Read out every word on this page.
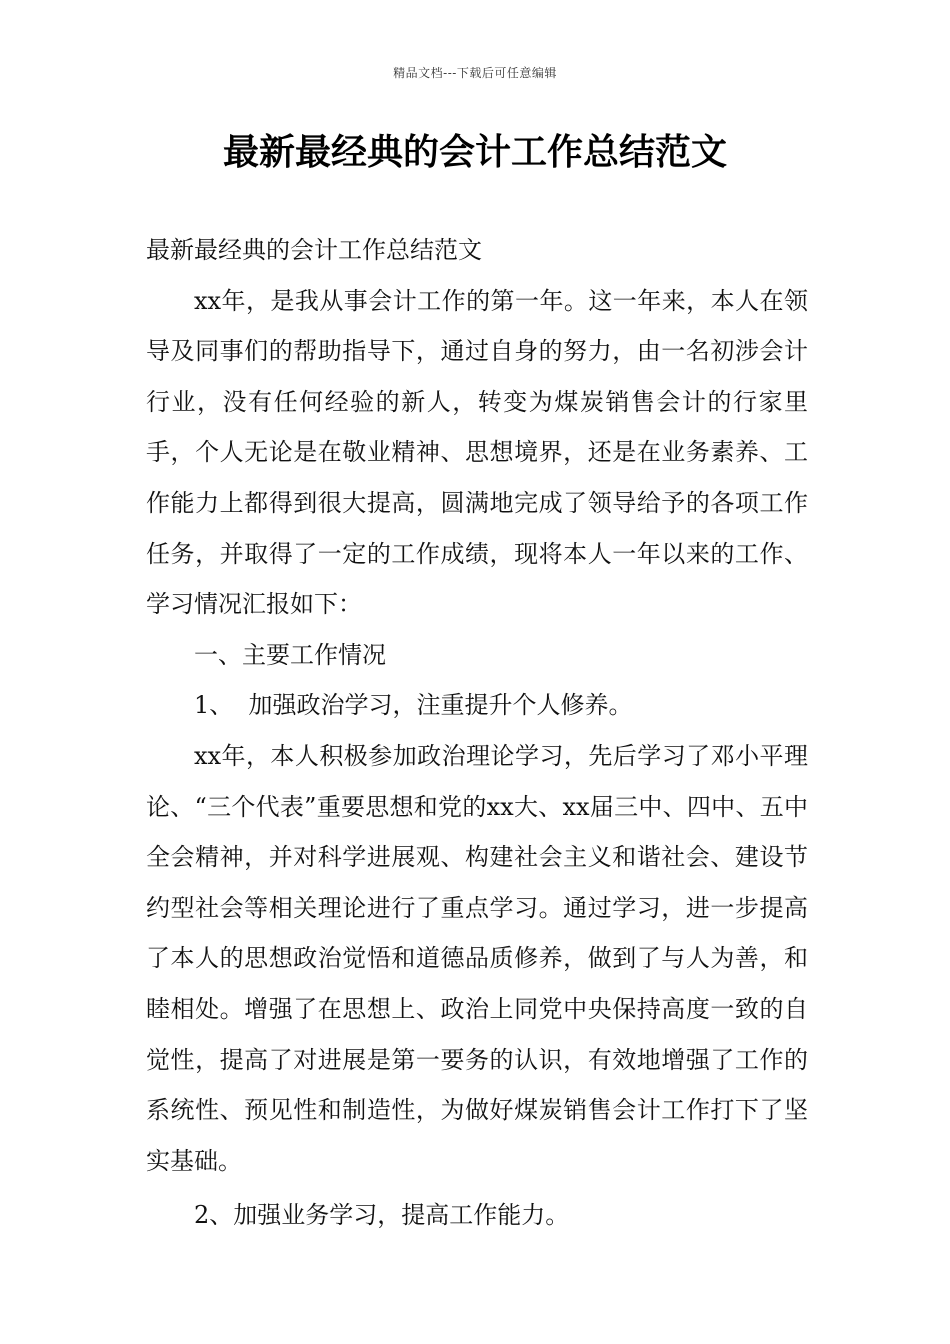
精品文档---下载后可任意编辑
最新最经典的会计工作总结范文

最新最经典的会计工作总结范文

xx年，是我从事会计工作的第一年。这一年来，本人在领导及同事们的帮助指导下，通过自身的努力，由一名初涉会计行业，没有任何经验的新人，转变为煤炭销售会计的行家里手，个人无论是在敬业精神、思想境界，还是在业务素养、工作能力上都得到很大提高，圆满地完成了领导给予的各项工作任务，并取得了一定的工作成绩，现将本人一年以来的工作、学习情况汇报如下：

一、主要工作情况

1、  加强政治学习，注重提升个人修养。

xx年，本人积极参加政治理论学习，先后学习了邓小平理论、“三个代表”重要思想和党的xx大、xx届三中、四中、五中全会精神，并对科学进展观、构建社会主义和谐社会、建设节约型社会等相关理论进行了重点学习。通过学习，进一步提高了本人的思想政治觉悟和道德品质修养，做到了与人为善，和睦相处。增强了在思想上、政治上同党中央保持高度一致的自觉性，提高了对进展是第一要务的认识，有效地增强了工作的系统性、预见性和制造性，为做好煤炭销售会计工作打下了坚实基础。

2、加强业务学习，提高工作能力。
